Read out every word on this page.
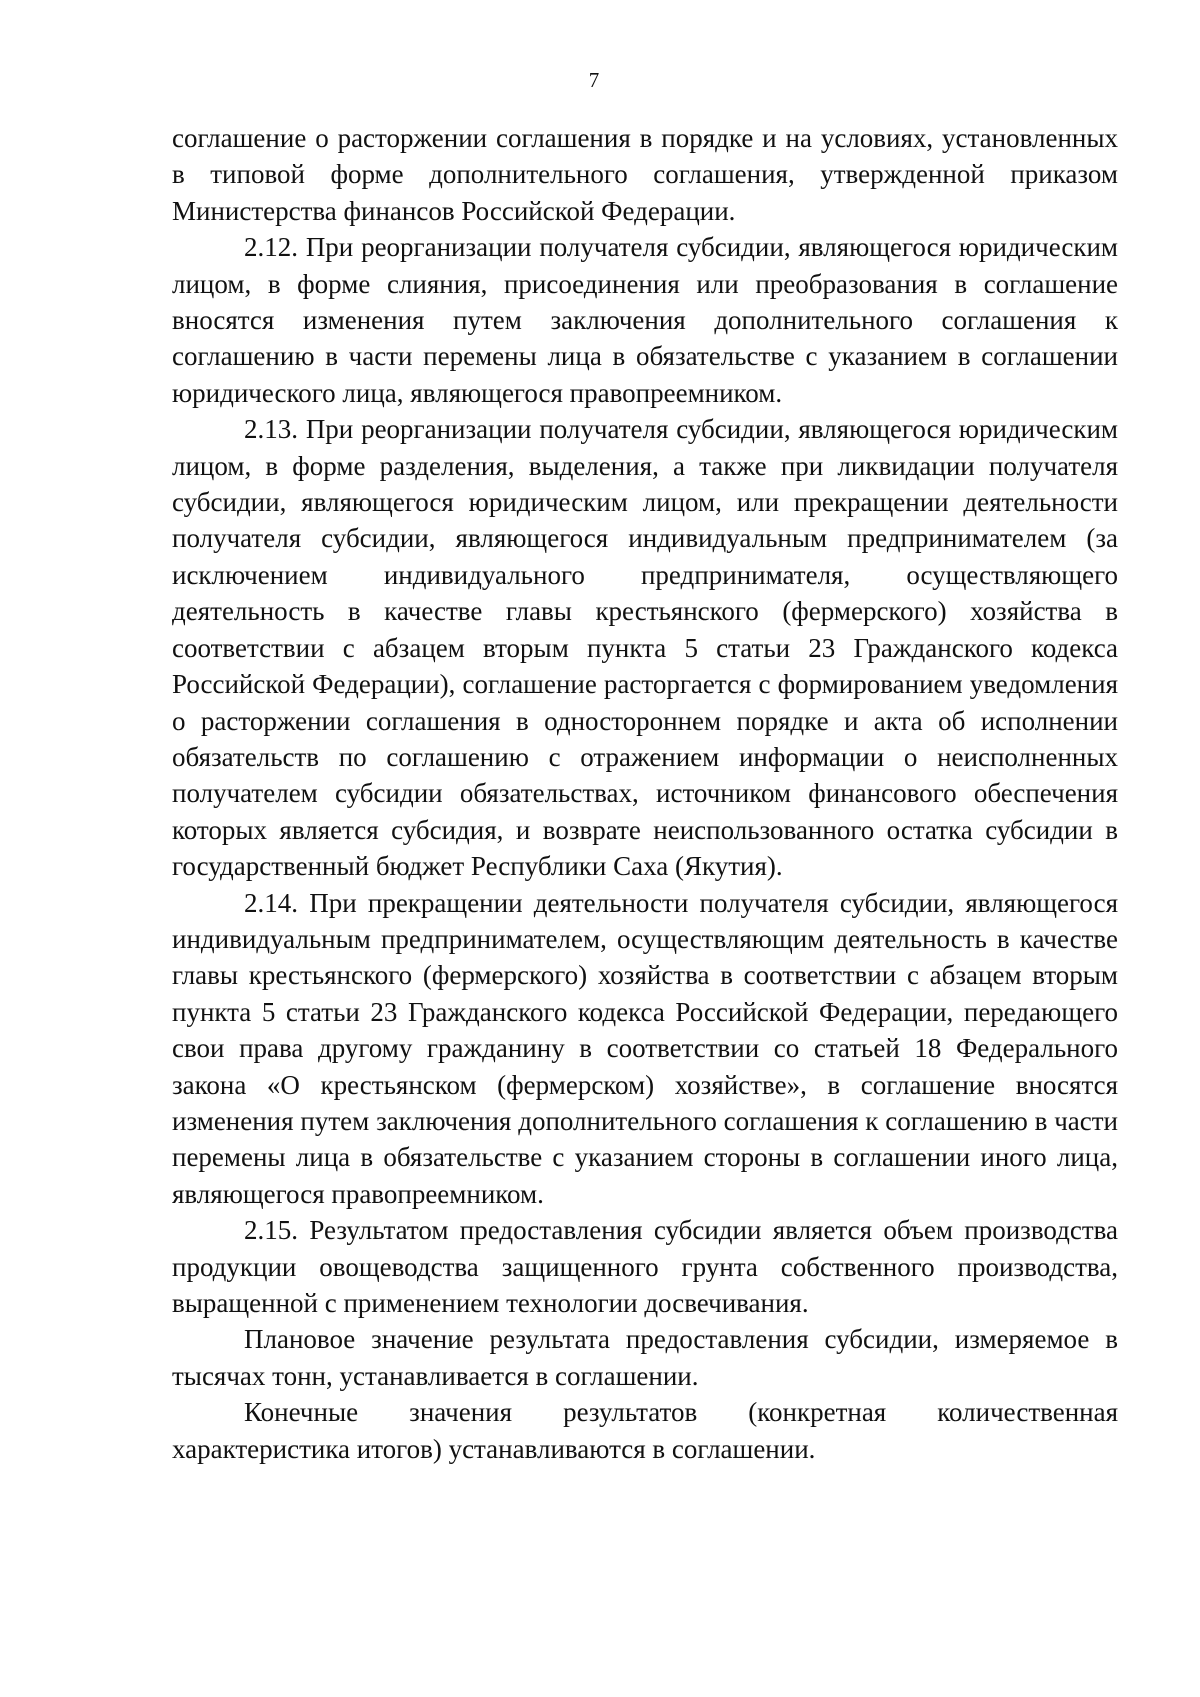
7

соглашение о расторжении соглашения в порядке и на условиях, установленных в типовой форме дополнительного соглашения, утвержденной приказом Министерства финансов Российской Федерации.

2.12. При реорганизации получателя субсидии, являющегося юридическим лицом, в форме слияния, присоединения или преобразования в соглашение вносятся изменения путем заключения дополнительного соглашения к соглашению в части перемены лица в обязательстве с указанием в соглашении юридического лица, являющегося правопреемником.

2.13. При реорганизации получателя субсидии, являющегося юридическим лицом, в форме разделения, выделения, а также при ликвидации получателя субсидии, являющегося юридическим лицом, или прекращении деятельности получателя субсидии, являющегося индивидуальным предпринимателем (за исключением индивидуального предпринимателя, осуществляющего деятельность в качестве главы крестьянского (фермерского) хозяйства в соответствии с абзацем вторым пункта 5 статьи 23 Гражданского кодекса Российской Федерации), соглашение расторгается с формированием уведомления о расторжении соглашения в одностороннем порядке и акта об исполнении обязательств по соглашению с отражением информации о неисполненных получателем субсидии обязательствах, источником финансового обеспечения которых является субсидия, и возврате неиспользованного остатка субсидии в государственный бюджет Республики Саха (Якутия).

2.14. При прекращении деятельности получателя субсидии, являющегося индивидуальным предпринимателем, осуществляющим деятельность в качестве главы крестьянского (фермерского) хозяйства в соответствии с абзацем вторым пункта 5 статьи 23 Гражданского кодекса Российской Федерации, передающего свои права другому гражданину в соответствии со статьей 18 Федерального закона «О крестьянском (фермерском) хозяйстве», в соглашение вносятся изменения путем заключения дополнительного соглашения к соглашению в части перемены лица в обязательстве с указанием стороны в соглашении иного лица, являющегося правопреемником.

2.15. Результатом предоставления субсидии является объем производства продукции овощеводства защищенного грунта собственного производства, выращенной с применением технологии досвечивания.

Плановое значение результата предоставления субсидии, измеряемое в тысячах тонн, устанавливается в соглашении.

Конечные значения результатов (конкретная количественная характеристика итогов) устанавливаются в соглашении.
